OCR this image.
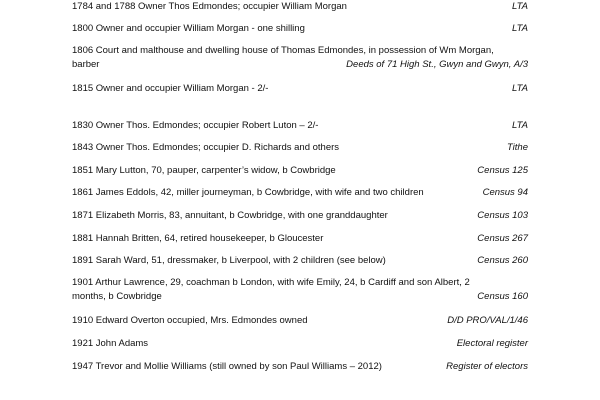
1784 and 1788 Owner Thos Edmondes; occupier William Morgan	LTA
1800 Owner and occupier William Morgan - one shilling	LTA
1806 Court and malthouse and dwelling house of Thomas Edmondes, in possession of Wm Morgan,
barber	Deeds of 71 High St., Gwyn and Gwyn, A/3
1815 Owner and occupier William Morgan - 2/-	LTA
1830 Owner Thos. Edmondes; occupier Robert Luton – 2/-	LTA
1843 Owner Thos. Edmondes; occupier D. Richards and others	Tithe
1851 Mary Lutton, 70, pauper, carpenter’s widow, b Cowbridge	Census 125
1861 James Eddols, 42, miller journeyman, b Cowbridge, with wife and two children	Census 94
1871 Elizabeth Morris, 83, annuitant, b Cowbridge, with one granddaughter	Census 103
1881 Hannah Britten, 64, retired housekeeper, b Gloucester	Census 267
1891 Sarah Ward, 51, dressmaker, b Liverpool, with 2 children (see below)	Census 260
1901 Arthur Lawrence, 29, coachman b London, with wife Emily, 24, b Cardiff and son Albert, 2
months, b Cowbridge	Census 160
1910 Edward Overton occupied, Mrs. Edmondes owned	D/D PRO/VAL/1/46
1921 John Adams	Electoral register
1947 Trevor and Mollie Williams (still owned by son Paul Williams – 2012)	Register of electors
